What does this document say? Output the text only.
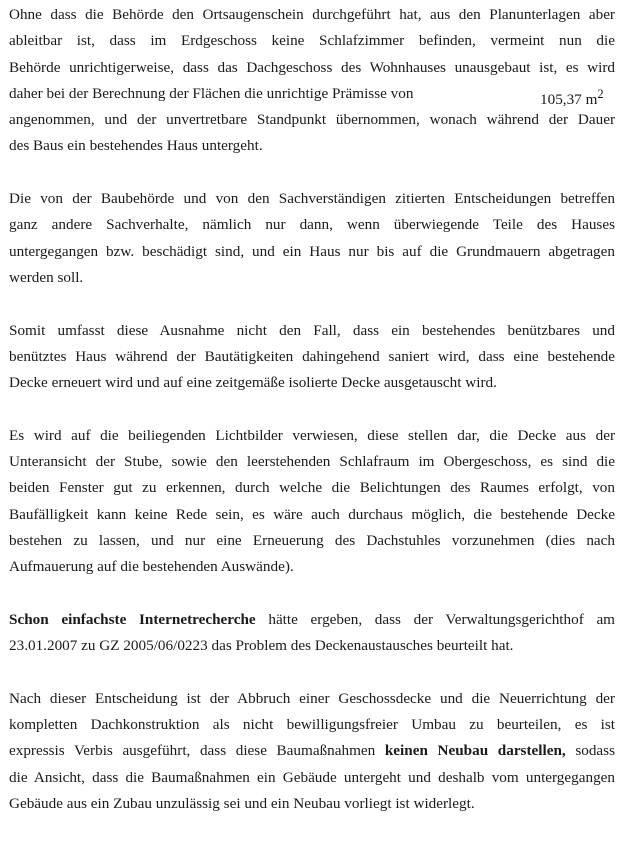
Ohne dass die Behörde den Ortsaugenschein durchgeführt hat, aus den Planunterlagen aber
ableitbar ist, dass im Erdgeschoss keine Schlafzimmer befinden, vermeint nun die
Behörde unrichtigerweise, dass das Dachgeschoss des Wohnhauses unausgebaut ist, es wird
daher bei der Berechnung der Flächen die unrichtige Prämisse von	105,37 $m^2$
angenommen, und der unvertretbare Standpunkt übernommen, wonach während der Dauer
des Baus ein bestehendes Haus untergeht.

Die von der Baubehörde und von den Sachverständigen zitierten Entscheidungen betreffen
ganz andere Sachverhalte, nämlich nur dann, wenn überwiegende Teile des Hauses
untergegangen bzw. beschädigt sind, und ein Haus nur bis auf die Grundmauern abgetragen
werden soll.

Somit umfasst diese Ausnahme nicht den Fall, dass ein bestehendes benützbares und
benütztes Haus während der Bautätigkeiten dahingehend saniert wird, dass eine bestehende
Decke erneuert wird und auf eine zeitgemäße isolierte Decke ausgetauscht wird.

Es wird auf die beiliegenden Lichtbilder verwiesen, diese stellen dar, die Decke aus der
Unteransicht der Stube, sowie den leerstehenden Schlafraum im Obergeschoss, es sind die
beiden Fenster gut zu erkennen, durch welche die Belichtungen des Raumes erfolgt, von
Baufälligkeit kann keine Rede sein, es wäre auch durchaus möglich, die bestehende Decke
bestehen zu lassen, und nur eine Erneuerung des Dachstuhles vorzunehmen (dies nach
Aufmauerung auf die bestehenden Auswände).

Schon einfachste Internetrecherche hätte ergeben, dass der Verwaltungsgerichthof am
23.01.2007 zu GZ 2005/06/0223 das Problem des Deckenaustausches beurteilt hat.

Nach dieser Entscheidung ist der Abbruch einer Geschossdecke und die Neuerrichtung der
kompletten Dachkonstruktion als nicht bewilligungsfreier Umbau zu beurteilen, es ist
expressis Verbis ausgeführt, dass diese Baumaßnahmen keinen Neubau darstellen, sodass
die Ansicht, dass die Baumaßnahmen ein Gebäude untergeht und deshalb vom untergegangen
Gebäude aus ein Zubau unzulässig sei und ein Neubau vorliegt ist widerlegt.
